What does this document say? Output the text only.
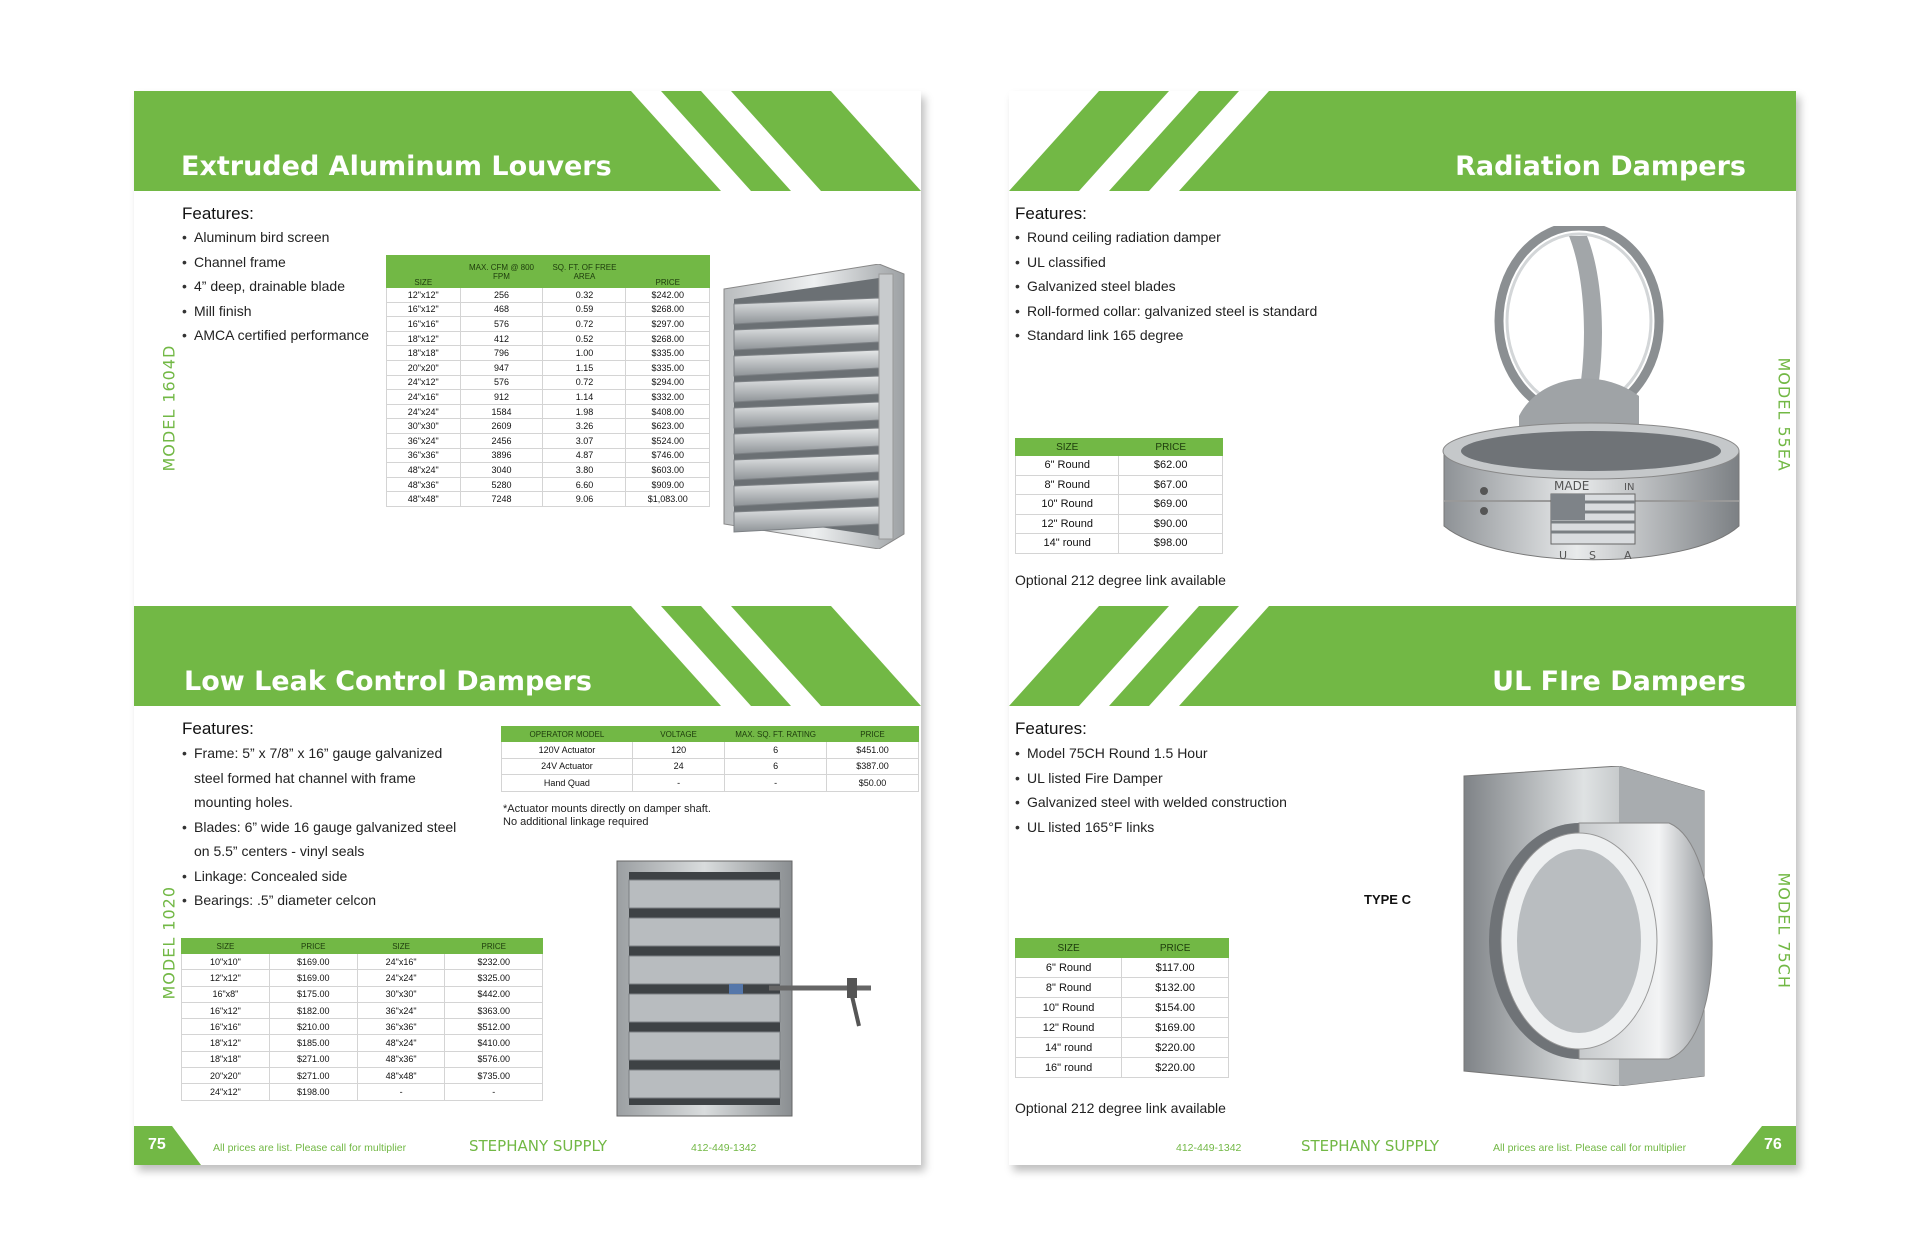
Extruded Aluminum Louvers
Features:
• Aluminum bird screen
• Channel frame
• 4” deep, drainable blade
• Mill finish
• AMCA certified performance
MODEL 1604D
SIZE	MAX. CFM @ 800 FPM	SQ. FT. OF FREE AREA	PRICE
12"x12"	256	0.32	$242.00
16"x12"	468	0.59	$268.00
16"x16"	576	0.72	$297.00
18"x12"	412	0.52	$268.00
18"x18"	796	1.00	$335.00
20"x20"	947	1.15	$335.00
24"x12"	576	0.72	$294.00
24"x16"	912	1.14	$332.00
24"x24"	1584	1.98	$408.00
30"x30"	2609	3.26	$623.00
36"x24"	2456	3.07	$524.00
36"x36"	3896	4.87	$746.00
48"x24"	3040	3.80	$603.00
48"x36"	5280	6.60	$909.00
48"x48"	7248	9.06	$1,083.00
Low Leak Control Dampers
Features:
• Frame: 5” x 7/8” x 16” gauge galvanized steel formed hat channel with frame mounting holes.
• Blades: 6” wide 16 gauge galvanized steel on 5.5” centers - vinyl seals
• Linkage: Concealed side
• Bearings: .5” diameter celcon
MODEL 1020
OPERATOR MODEL	VOLTAGE	MAX. SQ. FT. RATING	PRICE
120V Actuator	120	6	$451.00
24V Actuator	24	6	$387.00
Hand Quad	-	-	$50.00
*Actuator mounts directly on damper shaft.
No additional linkage required
SIZE	PRICE	SIZE	PRICE
10"x10"	$169.00	24"x16"	$232.00
12"x12"	$169.00	24"x24"	$325.00
16"x8"	$175.00	30"x30"	$442.00
16"x12"	$182.00	36"x24"	$363.00
16"x16"	$210.00	36"x36"	$512.00
18"x12"	$185.00	48"x24"	$410.00
18"x18"	$271.00	48"x36"	$576.00
20"x20"	$271.00	48"x48"	$735.00
24"x12"	$198.00	-	-
75	All prices are list. Please call for multiplier	STEPHANY SUPPLY	412-449-1342
Radiation Dampers
Features:
• Round ceiling radiation damper
• UL classified
• Galvanized steel blades
• Roll-formed collar: galvanized steel is standard
• Standard link 165 degree
MODEL 55EA
SIZE	PRICE
6" Round	$62.00
8" Round	$67.00
10" Round	$69.00
12" Round	$90.00
14" round	$98.00
Optional 212 degree link available
MADE	IN
U S	A
UL FIre Dampers
Features:
• Model 75CH Round 1.5 Hour
• UL listed Fire Damper
• Galvanized steel with welded construction
• UL listed 165°F links
MODEL 75CH
TYPE C
SIZE	PRICE
6" Round	$117.00
8" Round	$132.00
10" Round	$154.00
12" Round	$169.00
14" round	$220.00
16" round	$220.00
Optional 212 degree link available
76
412-449-1342	STEPHANY SUPPLY	All prices are list. Please call for multiplier
